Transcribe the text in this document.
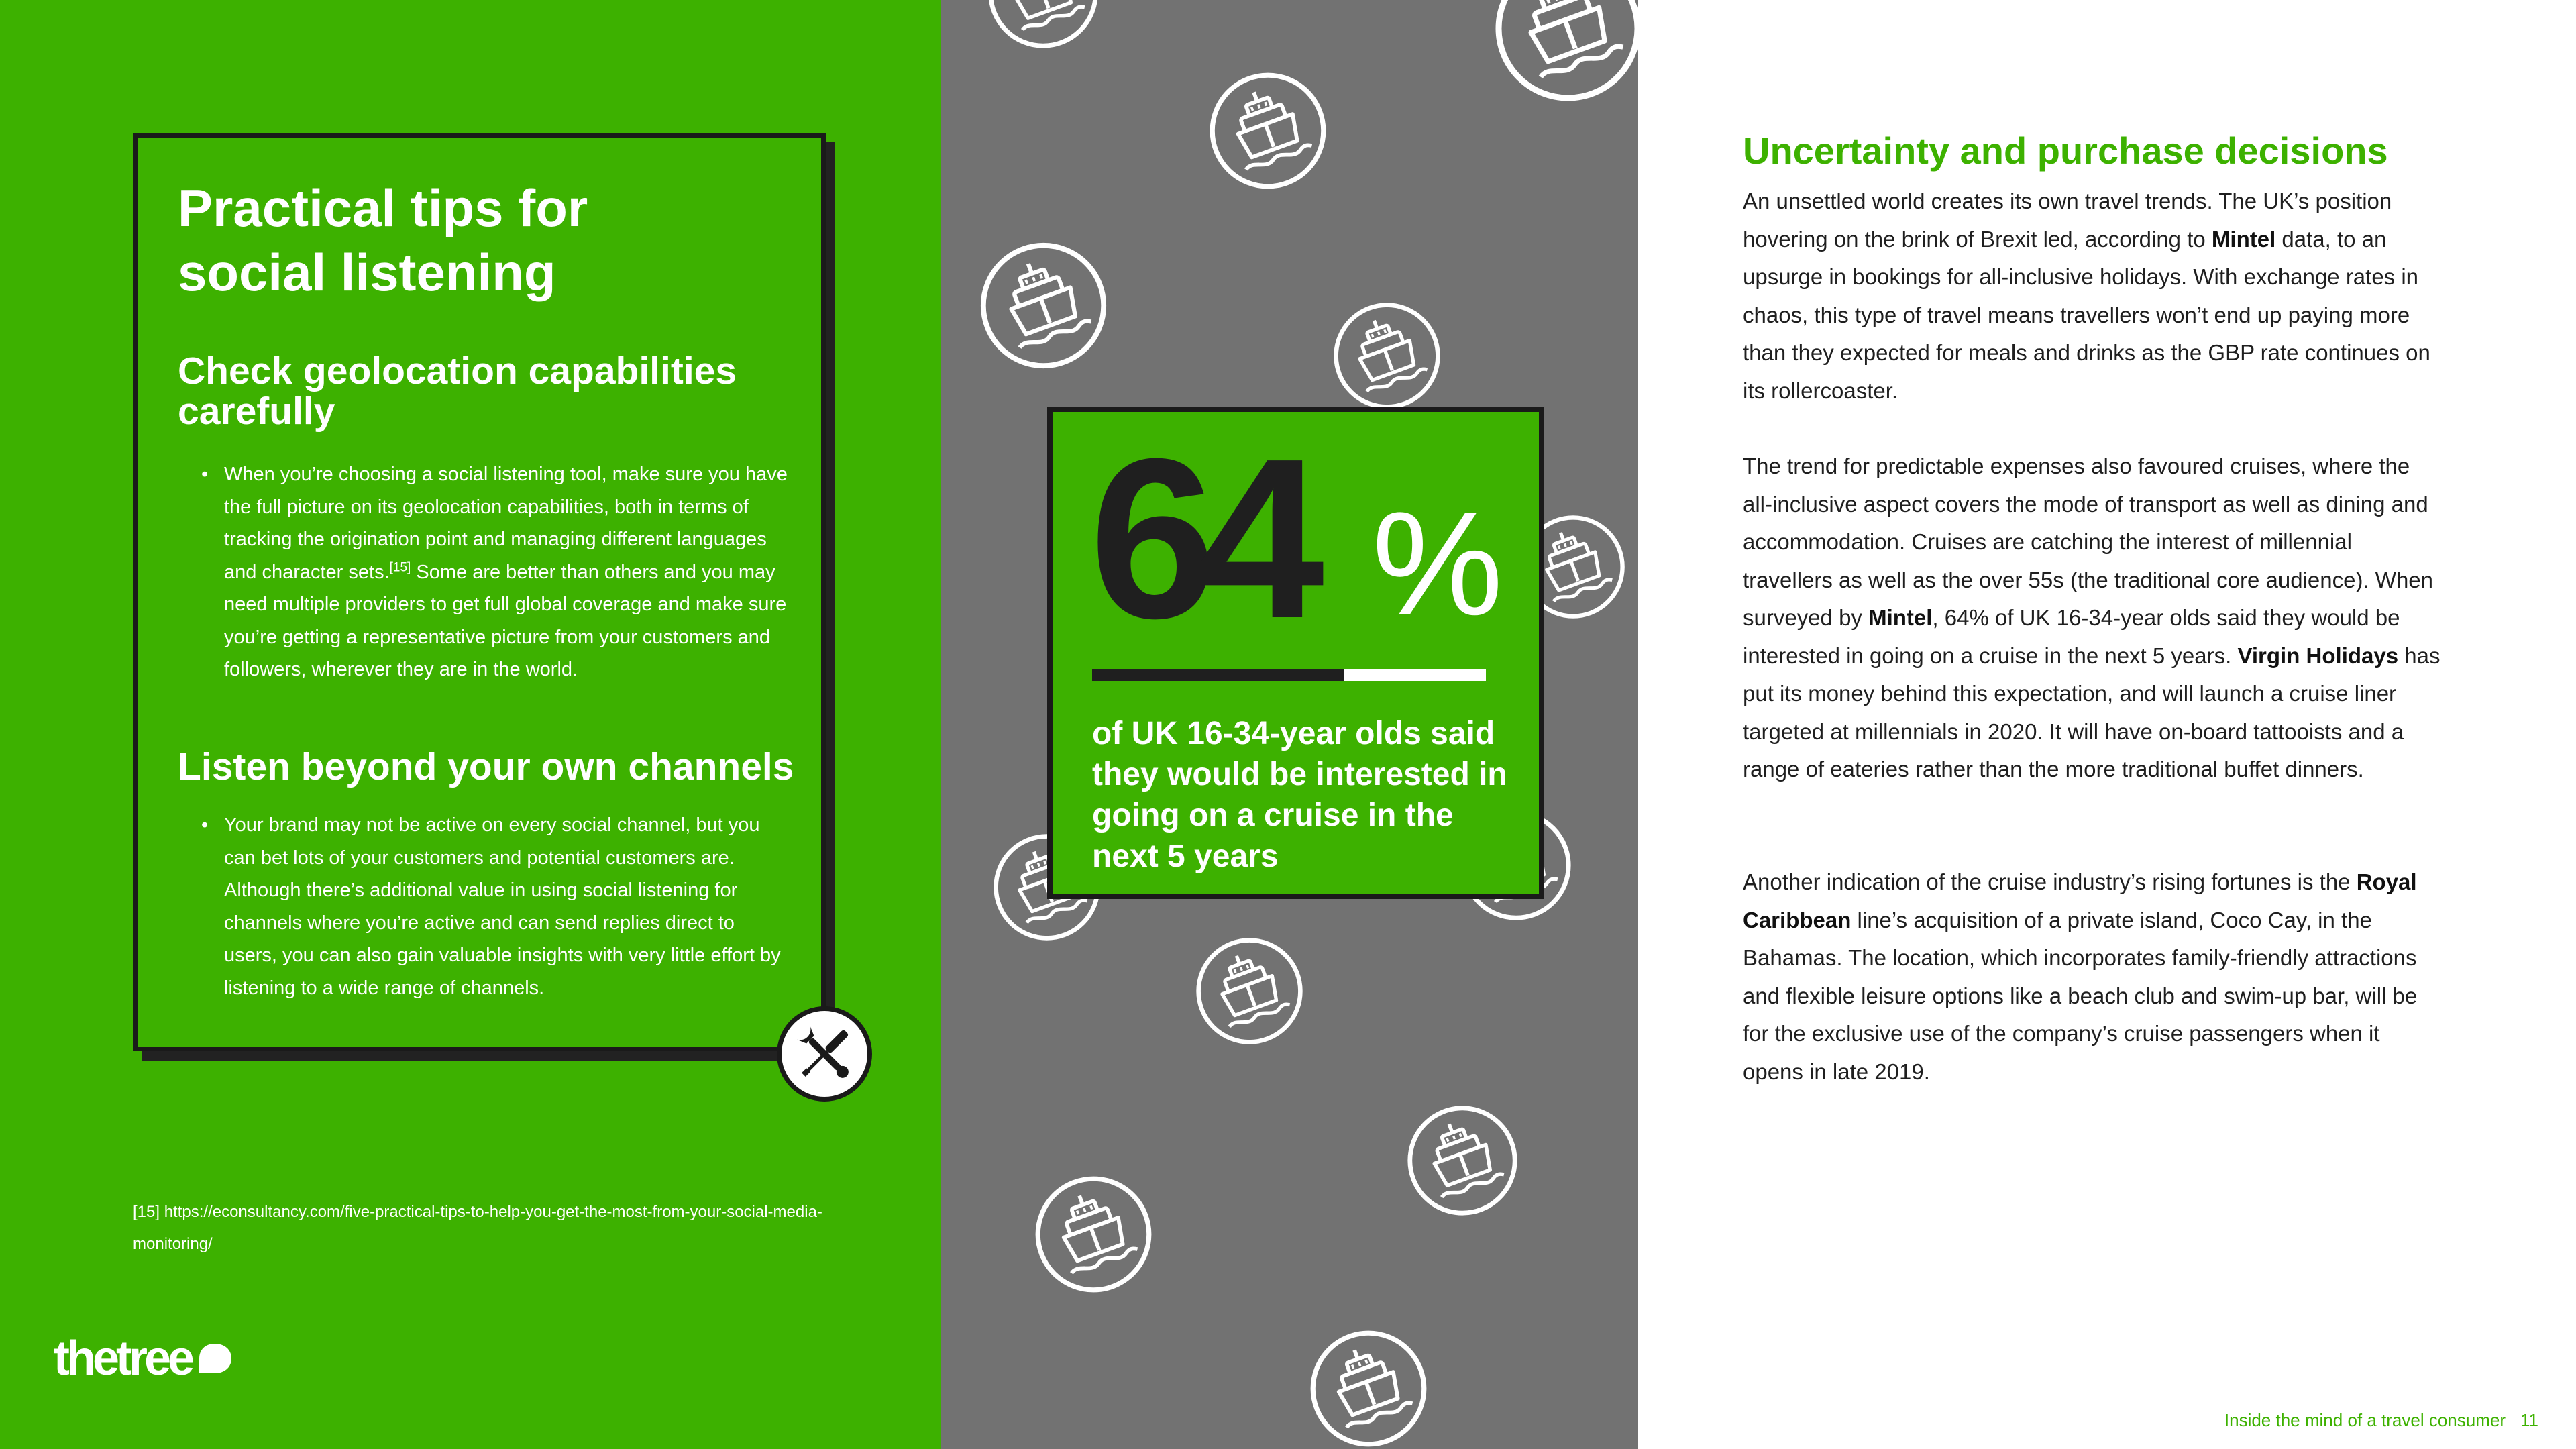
Practical tips for social listening
Check geolocation capabilities carefully
• When you’re choosing a social listening tool, make sure you have the full picture on its geolocation capabilities, both in terms of tracking the origination point and managing different languages and character sets.[15] Some are better than others and you may need multiple providers to get full global coverage and make sure you’re getting a representative picture from your customers and followers, wherever they are in the world.
Listen beyond your own channels
• Your brand may not be active on every social channel, but you can bet lots of your customers and potential customers are. Although there’s additional value in using social listening for channels where you’re active and can send replies direct to users, you can also gain valuable insights with very little effort by listening to a wide range of channels.

[15] https://econsultancy.com/five-practical-tips-to-help-you-get-the-most-from-your-social-media-monitoring/

thetree
64 %

of UK 16-34-year olds said they would be interested in going on a cruise in the next 5 years

Uncertainty and purchase decisions

An unsettled world creates its own travel trends. The UK’s position hovering on the brink of Brexit led, according to Mintel data, to an upsurge in bookings for all-inclusive holidays. With exchange rates in chaos, this type of travel means travellers won’t end up paying more than they expected for meals and drinks as the GBP rate continues on its rollercoaster.

The trend for predictable expenses also favoured cruises, where the all-inclusive aspect covers the mode of transport as well as dining and accommodation. Cruises are catching the interest of millennial travellers as well as the over 55s (the traditional core audience). When surveyed by Mintel, 64% of UK 16-34-year olds said they would be interested in going on a cruise in the next 5 years. Virgin Holidays has put its money behind this expectation, and will launch a cruise liner targeted at millennials in 2020. It will have on-board tattooists and a range of eateries rather than the more traditional buffet dinners.

Another indication of the cruise industry’s rising fortunes is the Royal Caribbean line’s acquisition of a private island, Coco Cay, in the Bahamas. The location, which incorporates family-friendly attractions and flexible leisure options like a beach club and swim-up bar, will be for the exclusive use of the company’s cruise passengers when it opens in late 2019.

Inside the mind of a travel consumer 11
